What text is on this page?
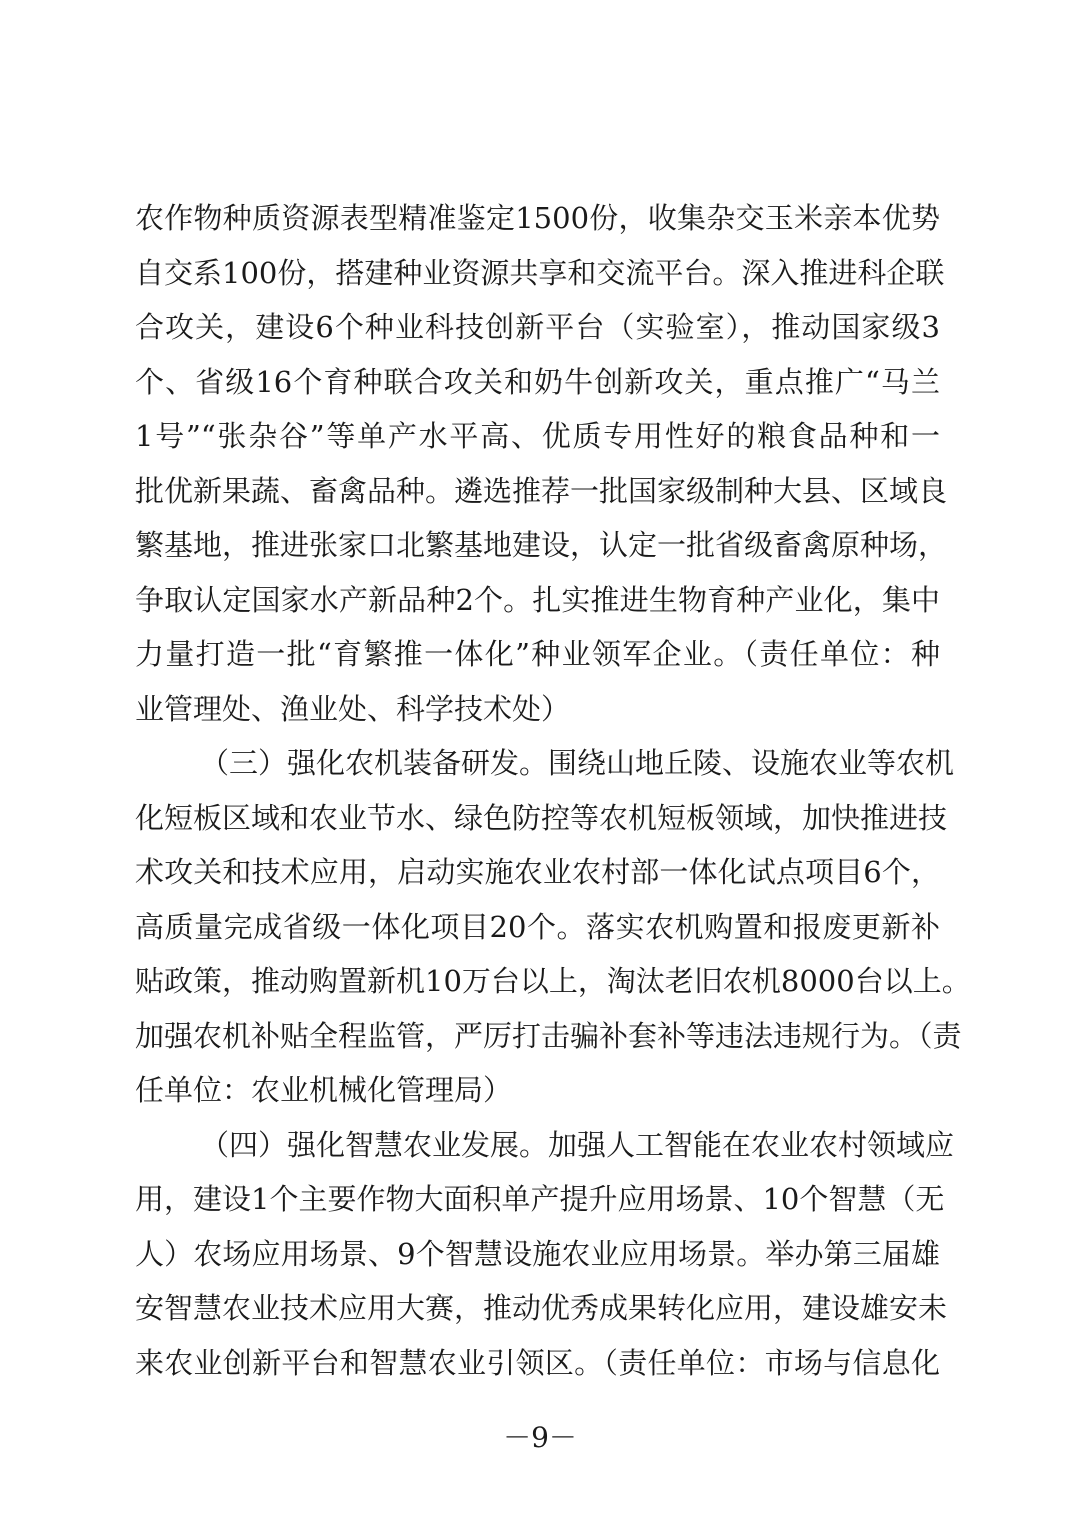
农作物种质资源表型精准鉴定1500份，收集杂交玉米亲本优势
自交系100份，搭建种业资源共享和交流平台。深入推进科企联
合攻关，建设6个种业科技创新平台（实验室），推动国家级3
个、省级16个育种联合攻关和奶牛创新攻关，重点推广“马兰
1号”“张杂谷”等单产水平高、优质专用性好的粮食品种和一
批优新果蔬、畜禽品种。遴选推荐一批国家级制种大县、区域良
繁基地，推进张家口北繁基地建设，认定一批省级畜禽原种场，
争取认定国家水产新品种2个。扎实推进生物育种产业化，集中
力量打造一批“育繁推一体化”种业领军企业。（责任单位：种
业管理处、渔业处、科学技术处）
（三）强化农机装备研发。围绕山地丘陵、设施农业等农机
化短板区域和农业节水、绿色防控等农机短板领域，加快推进技
术攻关和技术应用，启动实施农业农村部一体化试点项目6个，
高质量完成省级一体化项目20个。落实农机购置和报废更新补
贴政策，推动购置新机10万台以上，淘汰老旧农机8000台以上。
加强农机补贴全程监管，严厉打击骗补套补等违法违规行为。（责
任单位：农业机械化管理局）
（四）强化智慧农业发展。加强人工智能在农业农村领域应
用，建设1个主要作物大面积单产提升应用场景、10个智慧（无
人）农场应用场景、9个智慧设施农业应用场景。举办第三届雄
安智慧农业技术应用大赛，推动优秀成果转化应用，建设雄安未
来农业创新平台和智慧农业引领区。（责任单位：市场与信息化
－9－
